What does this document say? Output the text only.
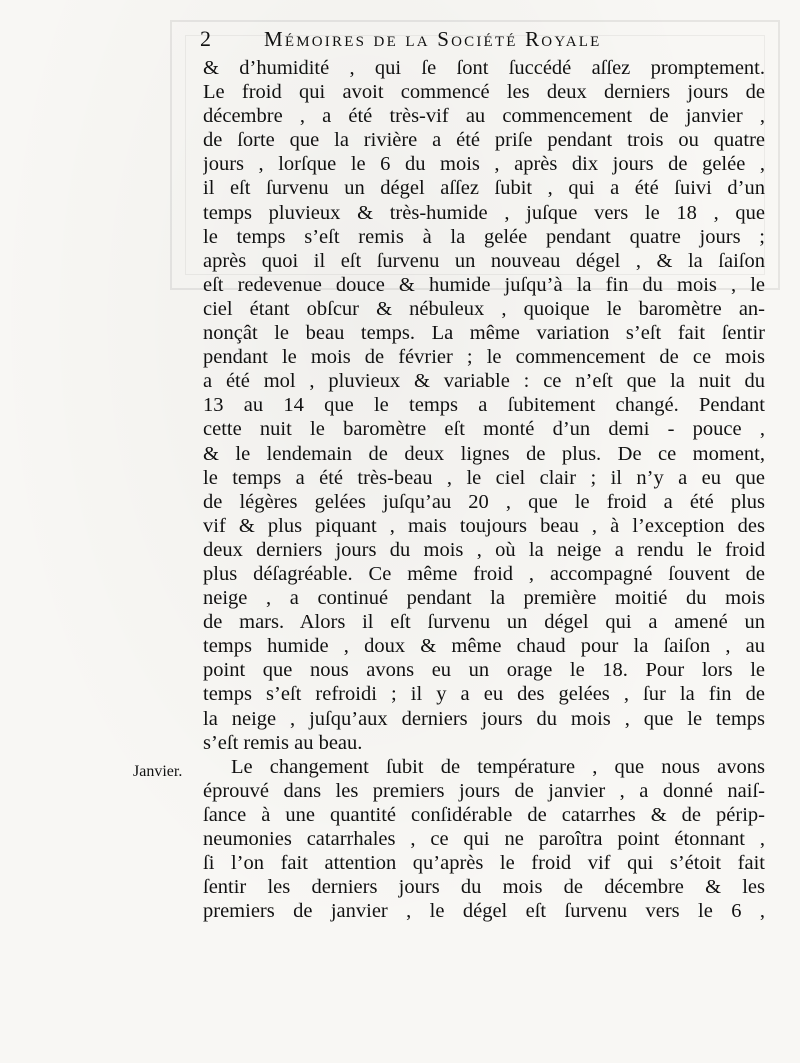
2	Mémoires de la Société Royale
Janvier.
& d’humidité , qui ſe ſont ſuccédé aſſez promptement.
Le froid qui avoit commencé les deux derniers jours de
décembre , a été très-vif au commencement de janvier ,
de ſorte que la rivière a été priſe pendant trois ou quatre
jours , lorſque le 6 du mois , après dix jours de gelée ,
il eſt ſurvenu un dégel aſſez ſubit , qui a été ſuivi d’un
temps pluvieux & très-humide , juſque vers le 18 , que
le temps s’eſt remis à la gelée pendant quatre jours ;
après quoi il eſt ſurvenu un nouveau dégel , & la ſaiſon
eſt redevenue douce & humide juſqu’à la fin du mois , le
ciel étant obſcur & nébuleux , quoique le baromètre an-
nonçât le beau temps. La même variation s’eſt fait ſentir
pendant le mois de février ; le commencement de ce mois
a été mol , pluvieux & variable : ce n’eſt que la nuit du
13 au 14 que le temps a ſubitement changé. Pendant
cette nuit le baromètre eſt monté d’un demi - pouce ,
& le lendemain de deux lignes de plus. De ce moment,
le temps a été très-beau , le ciel clair ; il n’y a eu que
de légères gelées juſqu’au 20 , que le froid a été plus
vif & plus piquant , mais toujours beau , à l’exception des
deux derniers jours du mois , où la neige a rendu le froid
plus déſagréable. Ce même froid , accompagné ſouvent de
neige , a continué pendant la première moitié du mois
de mars. Alors il eſt ſurvenu un dégel qui a amené un
temps humide , doux & même chaud pour la ſaiſon , au
point que nous avons eu un orage le 18. Pour lors le
temps s’eſt refroidi ; il y a eu des gelées , ſur la fin de
la neige , juſqu’aux derniers jours du mois , que le temps
s’eſt remis au beau.
Le changement ſubit de température , que nous avons
éprouvé dans les premiers jours de janvier , a donné naiſ-
ſance à une quantité conſidérable de catarrhes & de périp-
neumonies catarrhales , ce qui ne paroîtra point étonnant ,
ſi l’on fait attention qu’après le froid vif qui s’étoit fait
ſentir les derniers jours du mois de décembre & les
premiers de janvier , le dégel eſt ſurvenu vers le 6 ,
